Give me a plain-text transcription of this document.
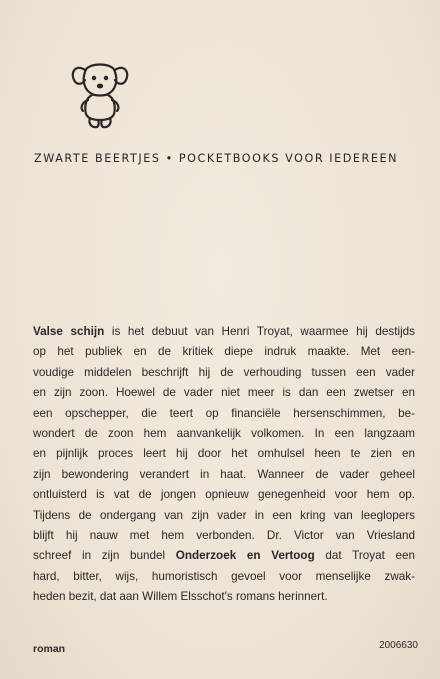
ZWARTE BEERTJES • POCKETBOOKS VOOR IEDEREEN
Valse schijn is het debuut van Henri Troyat, waarmee hij destijds
op het publiek en de kritiek diepe indruk maakte. Met een-
voudige middelen beschrijft hij de verhouding tussen een vader
en zijn zoon. Hoewel de vader niet meer is dan een zwetser en
een opschepper, die teert op financiële hersenschimmen, be-
wondert de zoon hem aanvankelijk volkomen. In een langzaam
en pijnlijk proces leert hij door het omhulsel heen te zien en
zijn bewondering verandert in haat. Wanneer de vader geheel
ontluisterd is vat de jongen opnieuw genegenheid voor hem op.
Tijdens de ondergang van zijn vader in een kring van leeglopers
blijft hij nauw met hem verbonden. Dr. Victor van Vriesland
schreef in zijn bundel Onderzoek en Vertoog dat Troyat een
hard, bitter, wijs, humoristisch gevoel voor menselijke zwak-
heden bezit, dat aan Willem Elsschot's romans herinnert.
roman	2006630
